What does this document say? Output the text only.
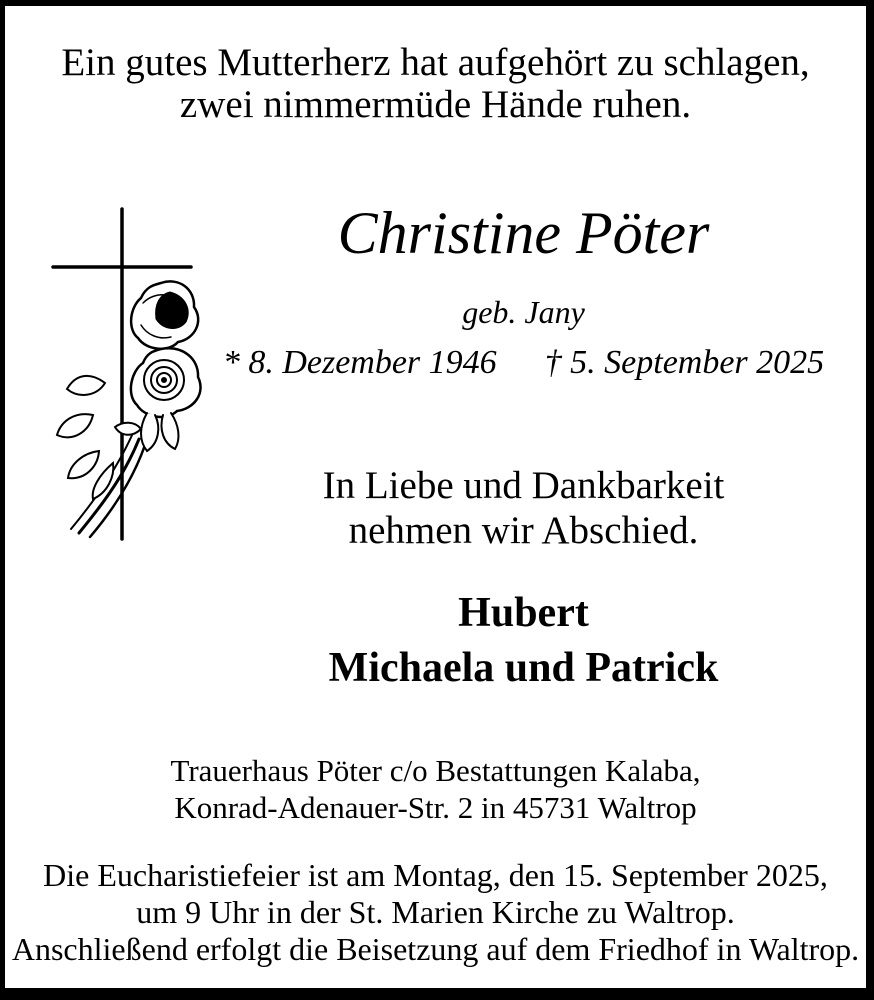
Ein gutes Mutterherz hat aufgehört zu schlagen,
zwei nimmermüde Hände ruhen.
Christine Pöter
geb. Jany
* 8. Dezember 1946 † 5. September 2025
In Liebe und Dankbarkeit
nehmen wir Abschied.
Hubert
Michaela und Patrick
Trauerhaus Pöter c/o Bestattungen Kalaba,
Konrad-Adenauer-Str. 2 in 45731 Waltrop
Die Eucharistiefeier ist am Montag, den 15. September 2025,
um 9 Uhr in der St. Marien Kirche zu Waltrop.
Anschließend erfolgt die Beisetzung auf dem Friedhof in Waltrop.
